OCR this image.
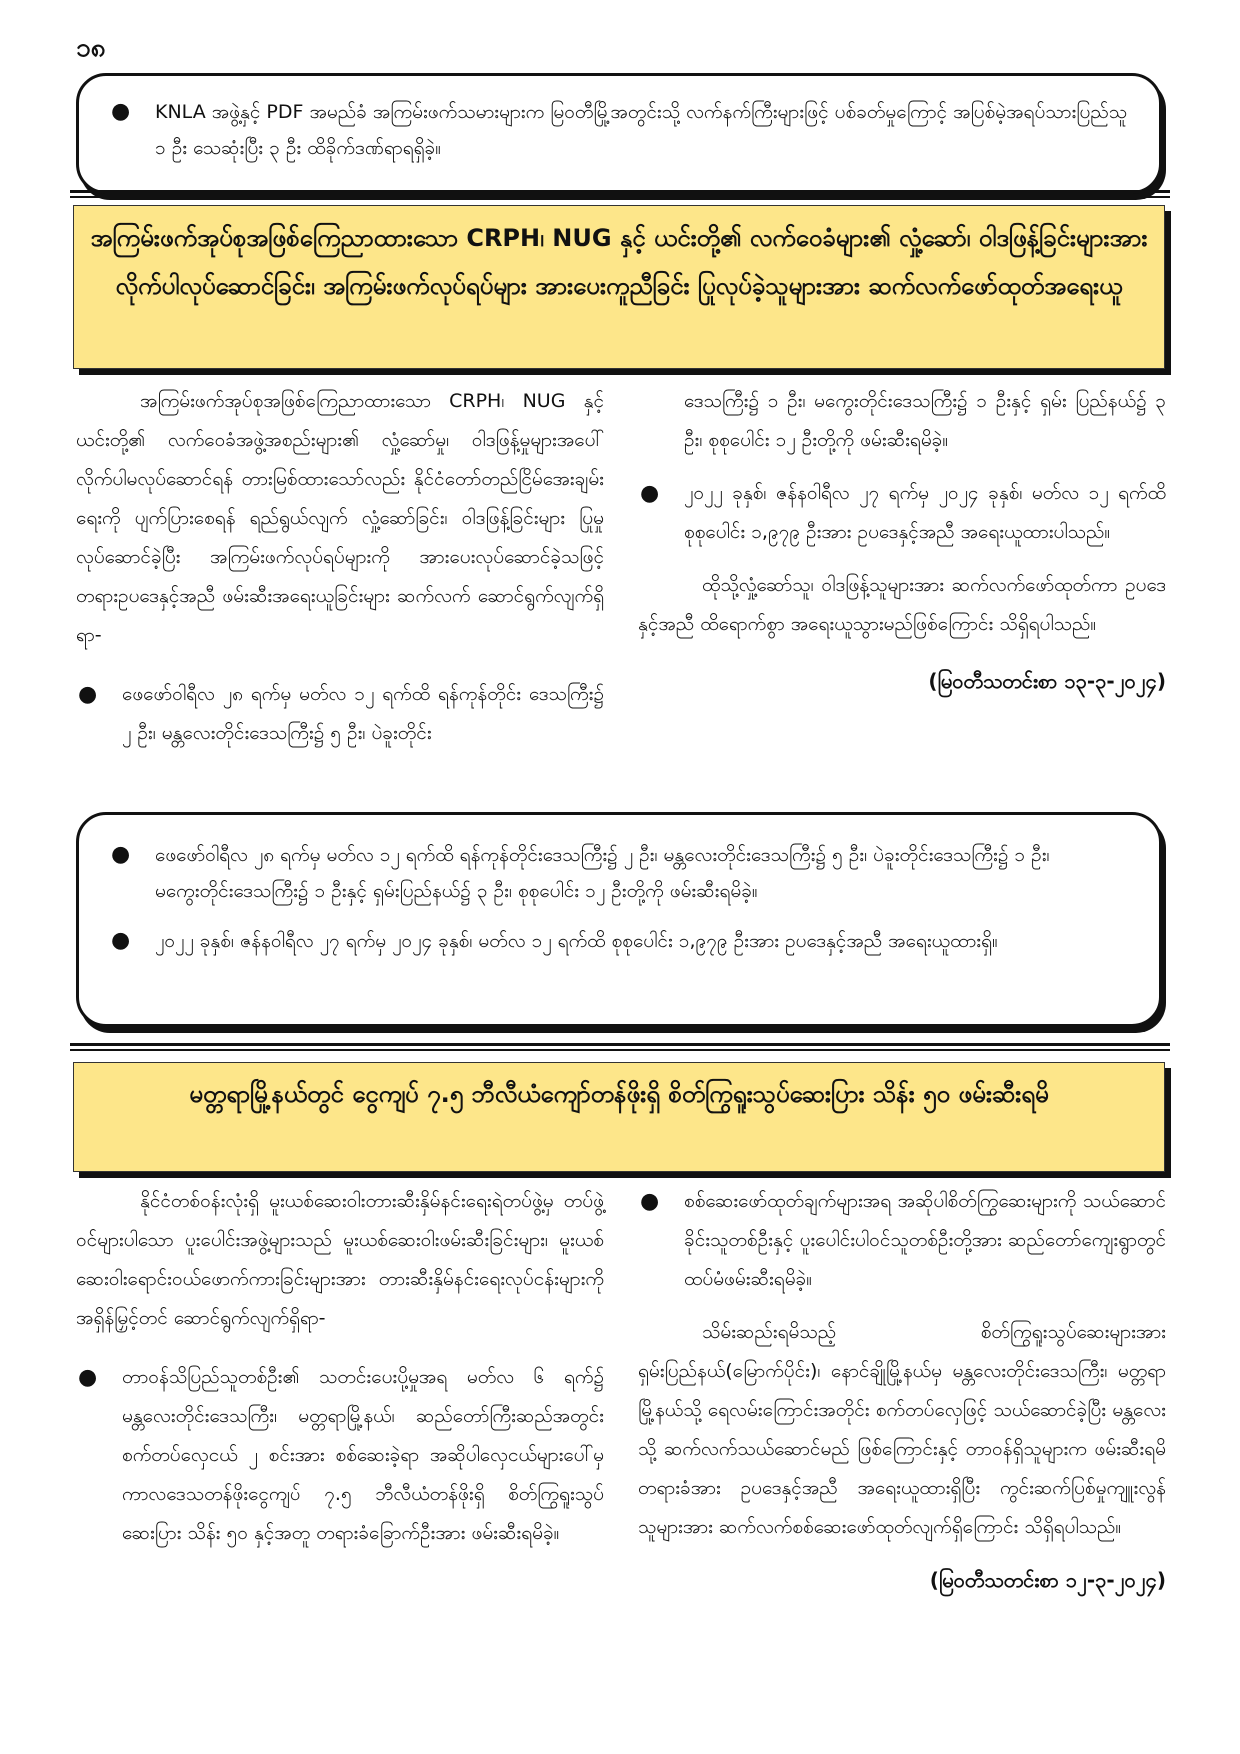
၁၈
● KNLA အဖွဲ့နှင့် PDF အမည်ခံ အကြမ်းဖက်သမားများက မြဝတီမြို့အတွင်းသို့ လက်နက်ကြီးများဖြင့် ပစ်ခတ်မှုကြောင့် အပြစ်မဲ့အရပ်သားပြည်သူ ၁ ဦး သေဆုံးပြီး ၃ ဦး ထိခိုက်ဒဏ်ရာရရှိခဲ့။
အကြမ်းဖက်အုပ်စုအဖြစ်ကြေညာထားသော CRPH၊ NUG နှင့် ယင်းတို့၏ လက်ဝေခံများ၏ လှုံ့ဆော်၊ ဝါဒဖြန့်ခြင်းများအား လိုက်ပါလုပ်ဆောင်ခြင်း၊ အကြမ်းဖက်လုပ်ရပ်များ အားပေးကူညီခြင်း ပြုလုပ်ခဲ့သူများအား ဆက်လက်ဖော်ထုတ်အရေးယူ
အကြမ်းဖက်အုပ်စုအဖြစ်ကြေညာထားသော CRPH၊ NUG နှင့် ယင်းတို့၏ လက်ဝေခံအဖွဲ့အစည်းများ၏ လှုံ့ဆော်မှု၊ ဝါဒဖြန့်မှုများအပေါ် လိုက်ပါမလုပ်ဆောင်ရန် တားမြစ်ထားသော်လည်း နိုင်ငံတော်တည်ငြိမ်အေးချမ်းရေးကို ပျက်ပြားစေရန် ရည်ရွယ်လျက် လှုံ့ဆော်ခြင်း၊ ဝါဒဖြန့်ခြင်းများ ပြုမှုလုပ်ဆောင်ခဲ့ပြီး အကြမ်းဖက်လုပ်ရပ်များကို အားပေးလုပ်ဆောင်ခဲ့သဖြင့် တရားဥပဒေနှင့်အညီ ဖမ်းဆီးအရေးယူခြင်းများ ဆက်လက် ဆောင်ရွက်လျက်ရှိရာ-
● ဖေဖော်ဝါရီလ ၂၈ ရက်မှ မတ်လ ၁၂ ရက်ထိ ရန်ကုန်တိုင်း ဒေသကြီး၌ ၂ ဦး၊ မန္တလေးတိုင်းဒေသကြီး၌ ၅ ဦး၊ ပဲခူးတိုင်း
ဒေသကြီး၌ ၁ ဦး၊ မကွေးတိုင်းဒေသကြီး၌ ၁ ဦးနှင့် ရှမ်း ပြည်နယ်၌ ၃ ဦး၊ စုစုပေါင်း ၁၂ ဦးတို့ကို ဖမ်းဆီးရမိခဲ့။
● ၂၀၂၂ ခုနှစ်၊ ဇန်နဝါရီလ ၂၇ ရက်မှ ၂၀၂၄ ခုနှစ်၊ မတ်လ ၁၂ ရက်ထိ စုစုပေါင်း ၁,၉၇၉ ဦးအား ဥပဒေနှင့်အညီ အရေးယူထားပါသည်။
ထိုသို့လှုံ့ဆော်သူ၊ ဝါဒဖြန့်သူများအား ဆက်လက်ဖော်ထုတ်ကာ ဥပဒေနှင့်အညီ ထိရောက်စွာ အရေးယူသွားမည်ဖြစ်ကြောင်း သိရှိရပါသည်။
(မြဝတီသတင်းစာ ၁၃-၃-၂၀၂၄)
● ဖေဖော်ဝါရီလ ၂၈ ရက်မှ မတ်လ ၁၂ ရက်ထိ ရန်ကုန်တိုင်းဒေသကြီး၌ ၂ ဦး၊ မန္တလေးတိုင်းဒေသကြီး၌ ၅ ဦး၊ ပဲခူးတိုင်းဒေသကြီး၌ ၁ ဦး၊ မကွေးတိုင်းဒေသကြီး၌ ၁ ဦးနှင့် ရှမ်းပြည်နယ်၌ ၃ ဦး၊ စုစုပေါင်း ၁၂ ဦးတို့ကို ဖမ်းဆီးရမိခဲ့။
● ၂၀၂၂ ခုနှစ်၊ ဇန်နဝါရီလ ၂၇ ရက်မှ ၂၀၂၄ ခုနှစ်၊ မတ်လ ၁၂ ရက်ထိ စုစုပေါင်း ၁,၉၇၉ ဦးအား ဥပဒေနှင့်အညီ အရေးယူထားရှိ။
မတ္တရာမြို့နယ်တွင် ငွေကျပ် ၇.၅ ဘီလီယံကျော်တန်ဖိုးရှိ စိတ်ကြွရူးသွပ်ဆေးပြား သိန်း ၅၀ ဖမ်းဆီးရမိ
နိုင်ငံတစ်ဝန်းလုံးရှိ မူးယစ်ဆေးဝါးတားဆီးနှိမ်နင်းရေးရဲတပ်ဖွဲ့မှ တပ်ဖွဲ့ဝင်များပါသော ပူးပေါင်းအဖွဲ့များသည် မူးယစ်ဆေးဝါးဖမ်းဆီးခြင်းများ၊ မူးယစ်ဆေးဝါးရောင်းဝယ်ဖောက်ကားခြင်းများအား တားဆီးနှိမ်နင်းရေးလုပ်ငန်းများကို အရှိန်မြှင့်တင် ဆောင်ရွက်လျက်ရှိရာ-
● တာဝန်သိပြည်သူတစ်ဦး၏ သတင်းပေးပို့မှုအရ မတ်လ ၆ ရက်၌ မန္တလေးတိုင်းဒေသကြီး၊ မတ္တရာမြို့နယ်၊ ဆည်တော်ကြီးဆည်အတွင်း စက်တပ်လှေငယ် ၂ စင်းအား စစ်ဆေးခဲ့ရာ အဆိုပါလှေငယ်များပေါ်မှ ကာလဒေသတန်ဖိုးငွေကျပ် ၇.၅ ဘီလီယံတန်ဖိုးရှိ စိတ်ကြွရူးသွပ်ဆေးပြား သိန်း ၅၀ နှင့်အတူ တရားခံခြောက်ဦးအား ဖမ်းဆီးရမိခဲ့။
● စစ်ဆေးဖော်ထုတ်ချက်များအရ အဆိုပါစိတ်ကြွဆေးများကို သယ်ဆောင်ခိုင်းသူတစ်ဦးနှင့် ပူးပေါင်းပါဝင်သူတစ်ဦးတို့အား ဆည်တော်ကျေးရွာတွင် ထပ်မံဖမ်းဆီးရမိခဲ့။
သိမ်းဆည်းရမိသည့် စိတ်ကြွရူးသွပ်ဆေးများအား ရှမ်းပြည်နယ်(မြောက်ပိုင်း)၊ နောင်ချိုမြို့နယ်မှ မန္တလေးတိုင်းဒေသကြီး၊ မတ္တရာမြို့နယ်သို့ ရေလမ်းကြောင်းအတိုင်း စက်တပ်လှေဖြင့် သယ်ဆောင်ခဲ့ပြီး မန္တလေးသို့ ဆက်လက်သယ်ဆောင်မည် ဖြစ်ကြောင်းနှင့် တာဝန်ရှိသူများက ဖမ်းဆီးရမိတရားခံအား ဥပဒေနှင့်အညီ အရေးယူထားရှိပြီး ကွင်းဆက်ပြစ်မှုကျူးလွန်သူများအား ဆက်လက်စစ်ဆေးဖော်ထုတ်လျက်ရှိကြောင်း သိရှိရပါသည်။
(မြဝတီသတင်းစာ ၁၂-၃-၂၀၂၄)
